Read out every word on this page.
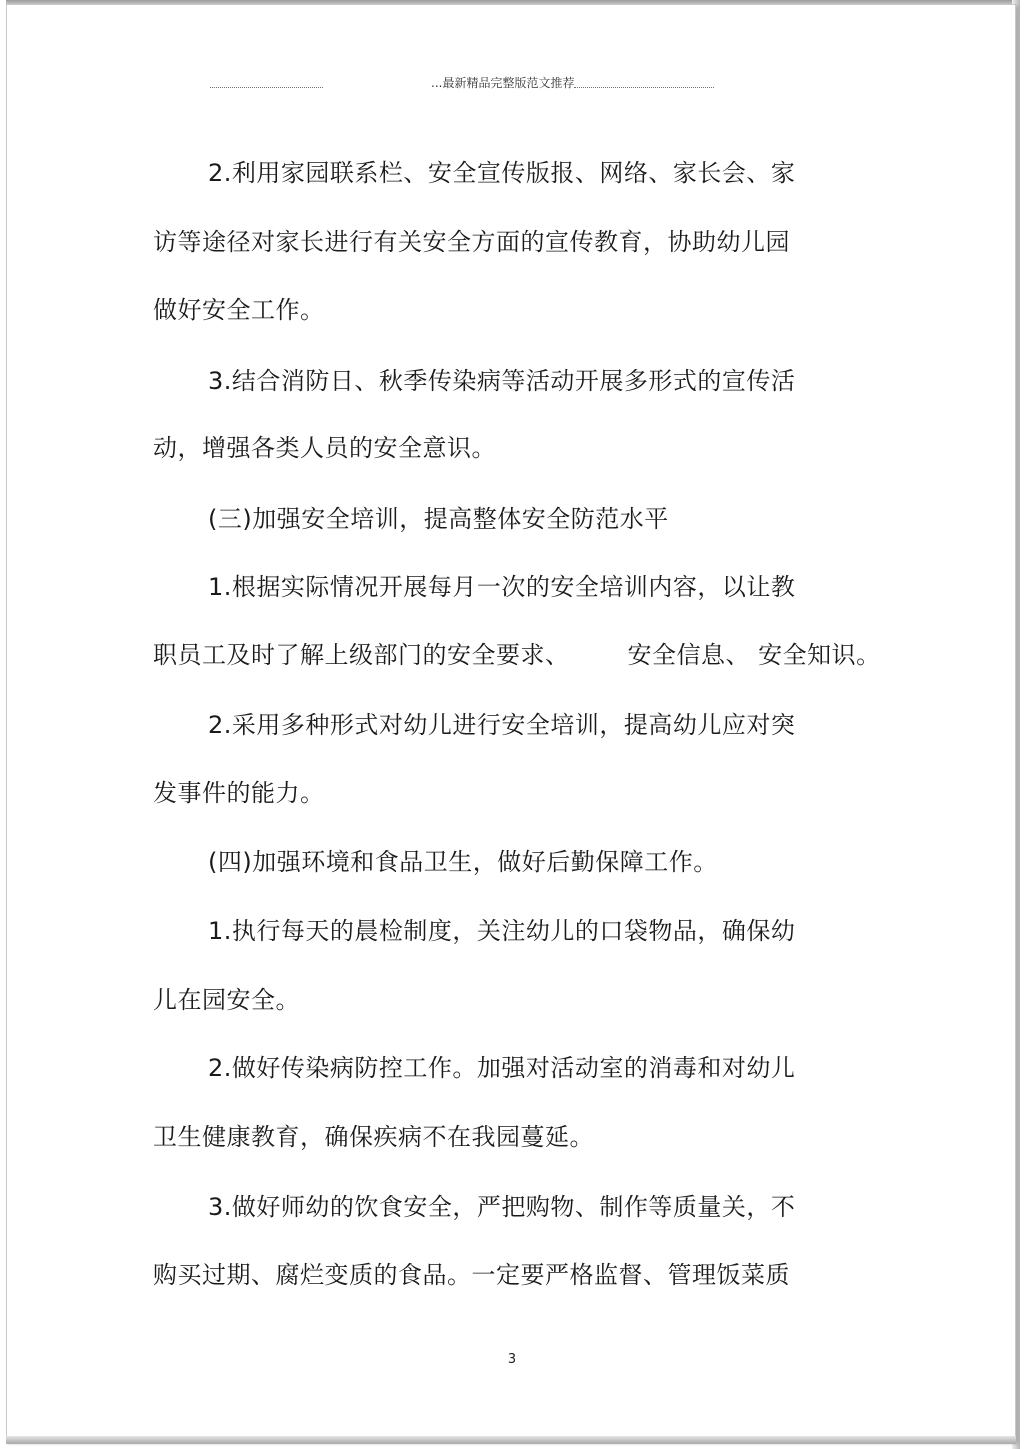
...最新精品完整版范文推荐
2.利用家园联系栏、安全宣传版报、网络、家长会、家
访等途径对家长进行有关安全方面的宣传教育，协助幼儿园
做好安全工作。
3.结合消防日、秋季传染病等活动开展多形式的宣传活
动，增强各类人员的安全意识。
(三)加强安全培训，提高整体安全防范水平
1.根据实际情况开展每月一次的安全培训内容，以让教
职员工及时了解上级部门的安全要求、 安全信息、 安全知识。
2.采用多种形式对幼儿进行安全培训，提高幼儿应对突
发事件的能力。
(四)加强环境和食品卫生，做好后勤保障工作。
1.执行每天的晨检制度，关注幼儿的口袋物品，确保幼
儿在园安全。
2.做好传染病防控工作。加强对活动室的消毒和对幼儿
卫生健康教育，确保疾病不在我园蔓延。
3.做好师幼的饮食安全，严把购物、制作等质量关，不
购买过期、腐烂变质的食品。一定要严格监督、管理饭菜质
3
